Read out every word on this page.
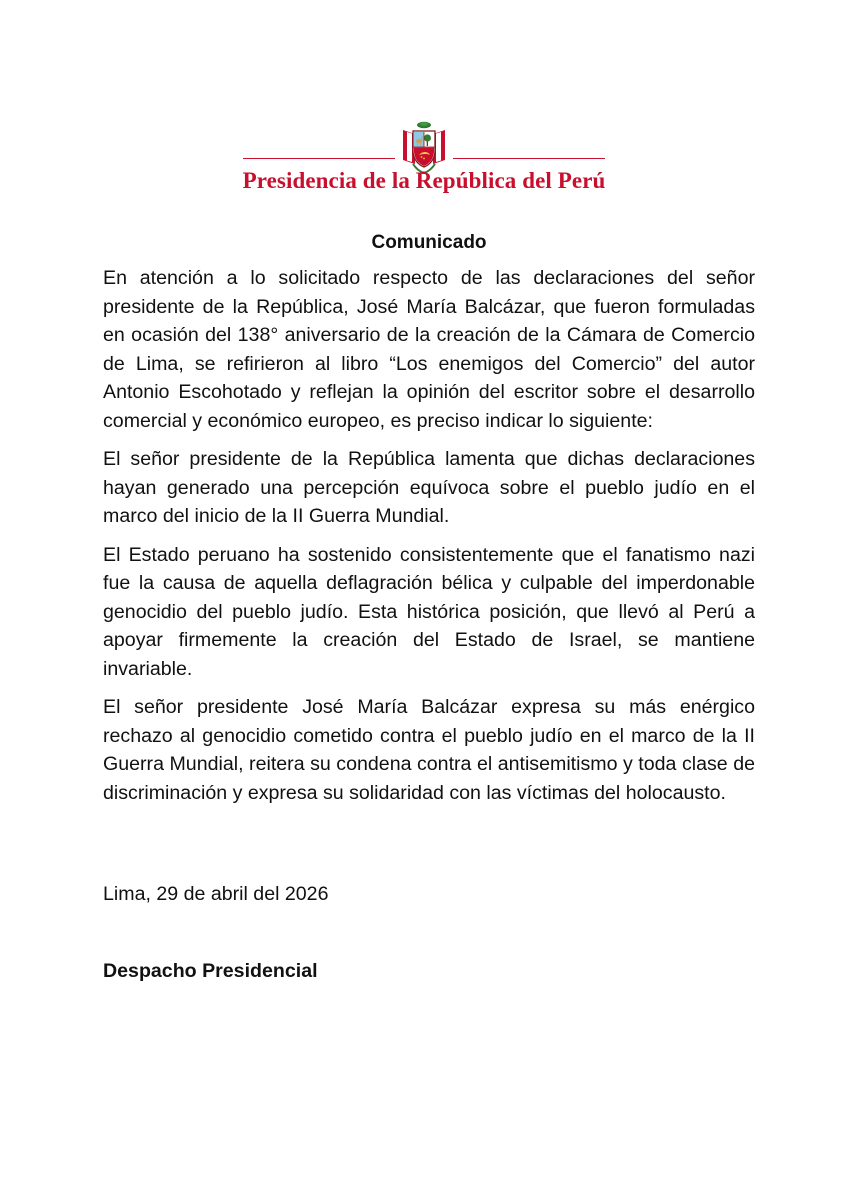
Presidencia de la República del Perú
Comunicado

En atención a lo solicitado respecto de las declaraciones del señor presidente de la República, José María Balcázar, que fueron formuladas en ocasión del 138° aniversario de la creación de la Cámara de Comercio de Lima, se refirieron al libro “Los enemigos del Comercio” del autor Antonio Escohotado y reflejan la opinión del escritor sobre el desarrollo comercial y económico europeo, es preciso indicar lo siguiente:

El señor presidente de la República lamenta que dichas declaraciones hayan generado una percepción equívoca sobre el pueblo judío en el marco del inicio de la II Guerra Mundial.

El Estado peruano ha sostenido consistentemente que el fanatismo nazi fue la causa de aquella deflagración bélica y culpable del imperdonable genocidio del pueblo judío. Esta histórica posición, que llevó al Perú a apoyar firmemente la creación del Estado de Israel, se mantiene invariable.

El señor presidente José María Balcázar expresa su más enérgico rechazo al genocidio cometido contra el pueblo judío en el marco de la II Guerra Mundial, reitera su condena contra el antisemitismo y toda clase de discriminación y expresa su solidaridad con las víctimas del holocausto.

Lima, 29 de abril del 2026
Despacho Presidencial
